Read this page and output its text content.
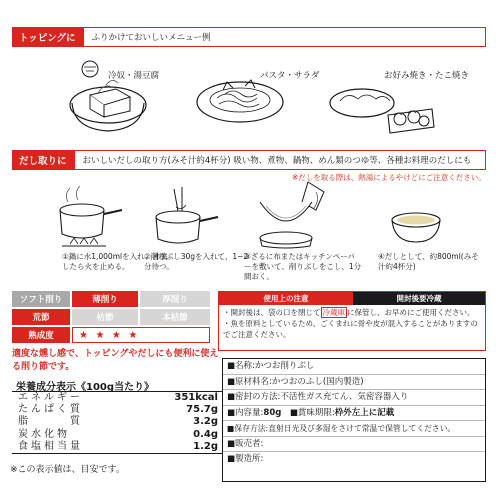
トッピングに	ふりかけておいしいメニュー例
冷奴・湯豆腐	パスタ・サラダ	お好み焼き・たこ焼き
だし取りに	おいしいだしの取り方(みそ汁約4杯分) 吸い物、煮物、鍋物、めん類のつゆ等、各種お料理のだしにも
※だしを取る際は、熱湯によるやけどにご注意ください。
①鍋に水1,000mlを入れ、沸騰したら火を止める。
②削りぶし30gを入れて、1~2分待つ。
③ざるに布またはキッチンペーパーを敷いて、削りぶしをこし、1分間おく。
④だしとして、約800ml(みそ汁約4杯分)
ソフト削り	薄削り	厚削り
荒節	枯節	本枯節
熟成度	★ ★ ★ ★
適度な燻し感で、トッピングやだしにも便利に使える削り節です。
栄養成分表示《100g当たり》
エネルギー	351kcal
たんぱく質	75.7g
脂　　　質	3.2g
炭水化物	0.4g
食塩相当量	1.2g
※この表示値は、目安です。
使用上の注意	開封後要冷蔵
・開封後は、袋の口を閉じて 冷蔵庫 に保管し、お早めにご使用ください。
・魚を原料としているため、ごくまれに骨や皮が混入することがありますのでご注意ください。
■名称:かつお削りぶし
■原材料名:かつおのふし(国内製造)
■密封の方法:不活性ガス充てん、気密容器入り
■内容量:80g　 ■賞味期限:枠外左上に記載
■保存方法:直射日光及び多湿をさけて常温で保管してください。
■販売者:
■製造所:
